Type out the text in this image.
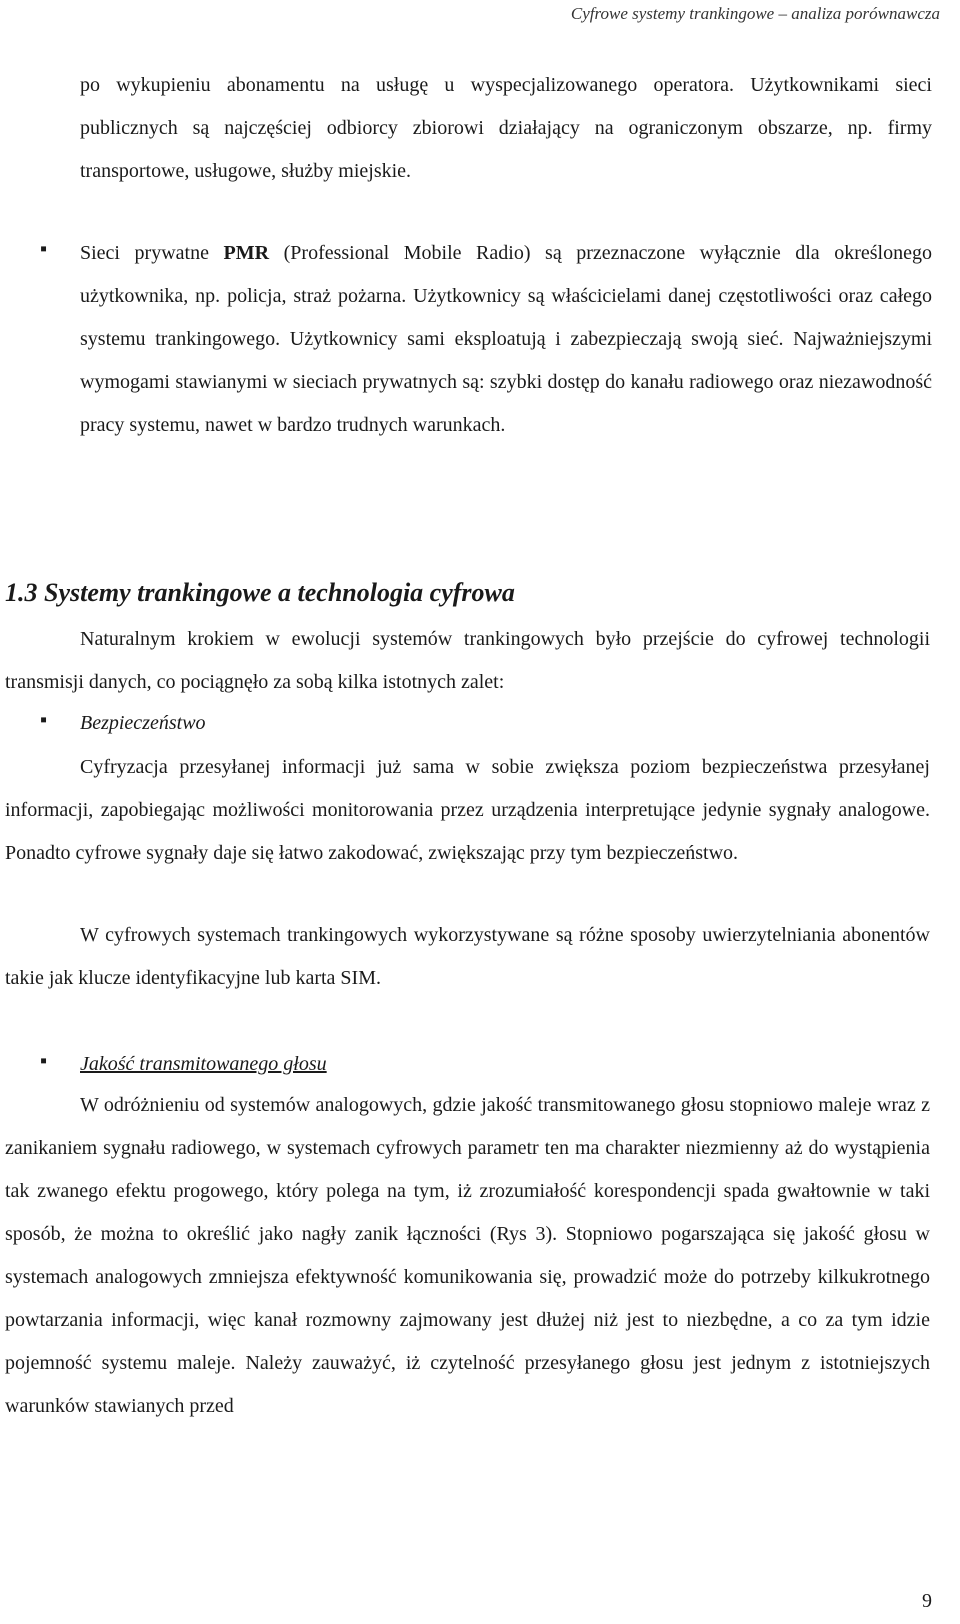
Cyfrowe systemy trankingowe – analiza porównawcza

po wykupieniu abonamentu na usługę u wyspecjalizowanego operatora. Użytkownikami sieci publicznych są najczęściej odbiorcy zbiorowi działający na ograniczonym obszarze, np. firmy transportowe, usługowe, służby miejskie.

▪

Sieci prywatne PMR (Professional Mobile Radio) są przeznaczone wyłącznie dla określonego użytkownika, np. policja, straż pożarna. Użytkownicy są właścicielami danej częstotliwości oraz całego systemu trankingowego. Użytkownicy sami eksploatują i zabezpieczają swoją sieć. Najważniejszymi wymogami stawianymi w sieciach prywatnych są: szybki dostęp do kanału radiowego oraz niezawodność pracy systemu, nawet w bardzo trudnych warunkach.

1.3 Systemy trankingowe a technologia cyfrowa

Naturalnym krokiem w ewolucji systemów trankingowych było przejście do cyfrowej technologii transmisji danych, co pociągnęło za sobą kilka istotnych zalet:

▪
Bezpieczeństwo

Cyfryzacja przesyłanej informacji już sama w sobie zwiększa poziom bezpieczeństwa przesyłanej informacji, zapobiegając możliwości monitorowania przez urządzenia interpretujące jedynie sygnały analogowe. Ponadto cyfrowe sygnały daje się łatwo zakodować, zwiększając przy tym bezpieczeństwo.

W cyfrowych systemach trankingowych wykorzystywane są różne sposoby uwierzytelniania abonentów takie jak klucze identyfikacyjne lub karta SIM.

▪
Jakość transmitowanego głosu

W odróżnieniu od systemów analogowych, gdzie jakość transmitowanego głosu stopniowo maleje wraz z zanikaniem sygnału radiowego, w systemach cyfrowych parametr ten ma charakter niezmienny aż do wystąpienia tak zwanego efektu progowego, który polega na tym, iż zrozumiałość korespondencji spada gwałtownie w taki sposób, że można to określić jako nagły zanik łączności (Rys 3). Stopniowo pogarszająca się jakość głosu w systemach analogowych zmniejsza efektywność komunikowania się, prowadzić może do potrzeby kilkukrotnego powtarzania informacji, więc kanał rozmowny zajmowany jest dłużej niż jest to niezbędne, a co za tym idzie pojemność systemu maleje. Należy zauważyć, iż czytelność przesyłanego głosu jest jednym z istotniejszych warunków stawianych przed

9
